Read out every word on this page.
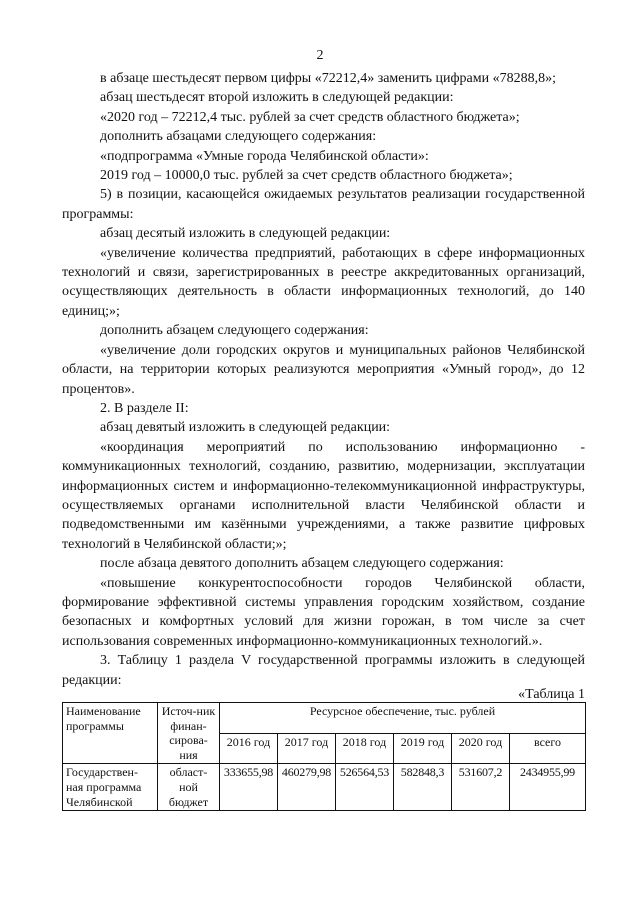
2

в абзаце шестьдесят первом цифры «72212,4» заменить цифрами «78288,8»;

абзац шестьдесят второй изложить в следующей редакции:

«2020 год – 72212,4 тыс. рублей за счет средств областного бюджета»;

дополнить абзацами следующего содержания:

«подпрограмма «Умные города Челябинской области»:

2019 год – 10000,0 тыс. рублей за счет средств областного бюджета»;

5) в позиции, касающейся ожидаемых результатов реализации государственной программы:

абзац десятый изложить в следующей редакции:

«увеличение количества предприятий, работающих в сфере информационных технологий и связи, зарегистрированных в реестре аккредитованных организаций, осуществляющих деятельность в области информационных технологий, до 140 единиц;»;

дополнить абзацем следующего содержания:

«увеличение доли городских округов и муниципальных районов Челябинской области, на территории которых реализуются мероприятия «Умный город», до 12 процентов».

2. В разделе II:

абзац девятый изложить в следующей редакции:

«координация мероприятий по использованию информационно - коммуникационных технологий, созданию, развитию, модернизации, эксплуатации информационных систем и информационно-телекоммуникационной инфраструктуры, осуществляемых органами исполнительной власти Челябинской области и подведомственными им казёнными учреждениями, а также развитие цифровых технологий в Челябинской области;»;

после абзаца девятого дополнить абзацем следующего содержания:

«повышение конкурентоспособности городов Челябинской области, формирование эффективной системы управления городским хозяйством, создание безопасных и комфортных условий для жизни горожан, в том числе за счет использования современных информационно-коммуникационных технологий.».

3. Таблицу 1 раздела V государственной программы изложить в следующей редакции:

«Таблица 1
Наименование программы	Источ-ник финан-сирова-ния	Ресурсное обеспечение, тыс. рублей					
		2016 год	2017 год	2018 год	2019 год	2020 год	всего
Государствен-ная программа Челябинской	област-ной бюджет	333655,98	460279,98	526564,53	582848,3	531607,2	2434955,99
